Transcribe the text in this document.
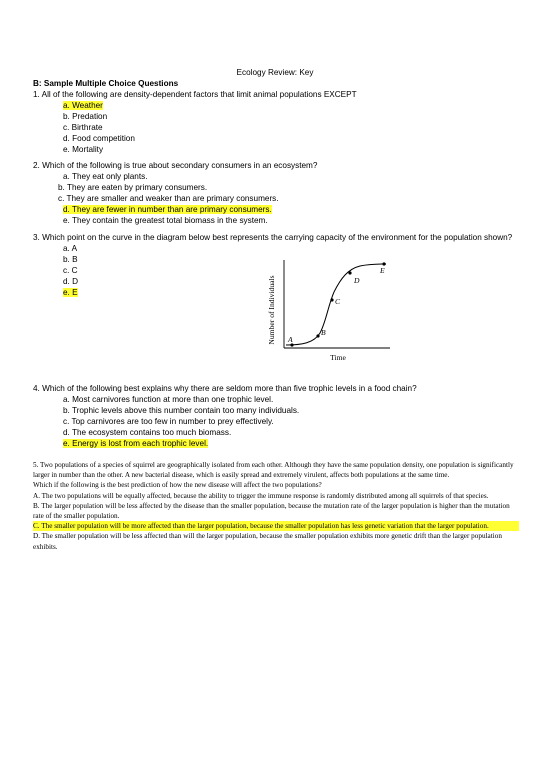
Ecology Review: Key
B: Sample Multiple Choice Questions
1. All of the following are density-dependent factors that limit animal populations EXCEPT
a. Weather
b. Predation
c. Birthrate
d. Food competition
e. Mortality
2. Which of the following is true about secondary consumers in an ecosystem?
a. They eat only plants.
b. They are eaten by primary consumers.
c. They are smaller and weaker than are primary consumers.
d. They are fewer in number than are primary consumers.
e. They contain the greatest total biomass in the system.
3. Which point on the curve in the diagram below best represents the carrying capacity of the environment for the population shown?
a. A
b. B
c. C
d. D
e. E	Number of Individuals A
B
C
D
E
Time
4. Which of the following best explains why there are seldom more than five trophic levels in a food chain?
a. Most carnivores function at more than one trophic level.
b. Trophic levels above this number contain too many individuals.
c. Top carnivores are too few in number to prey effectively.
d. The ecosystem contains too much biomass.
e. Energy is lost from each trophic level.
5. Two populations of a species of squirrel are geographically isolated from each other. Although they have the same population density, one population is significantly larger in number than the other. A new bacterial disease, which is easily spread and extremely virulent, affects both populations at the same time.
Which if the following is the best prediction of how the new disease will affect the two populations?
A. The two populations will be equally affected, because the ability to trigger the immune response is randomly distributed among all squirrels of that species.
B. The larger population will be less affected by the disease than the smaller population, because the mutation rate of the larger population is higher than the mutation rate of the smaller population.
C. The smaller population will be more affected than the larger population, because the smaller population has less genetic variation that the larger population.
D. The smaller population will be less affected than will the larger population, because the smaller population exhibits more genetic drift than the larger population exhibits.
